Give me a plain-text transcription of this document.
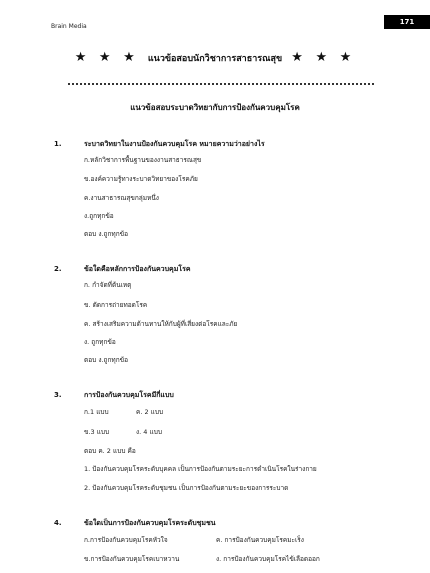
Brain Media
171
★ ★ ★ แนวข้อสอบนักวิชาการสาธารณสุข ★ ★ ★
แนวข้อสอบระบาดวิทยากับการป้องกันควบคุมโรค
1.	ระบาดวิทยาในงานป้องกันควบคุมโรค หมายความว่าอย่างไร
ก.หลักวิชาการพื้นฐานของงานสาธารณสุข
ข.องค์ความรู้ทางระบาดวิทยาของโรคภัย
ค.งานสาธารณสุขกลุ่มหนึ่ง
ง.ถูกทุกข้อ
ตอบ ง.ถูกทุกข้อ
2.	ข้อใดคือหลักการป้องกันควบคุมโรค
ก. กำจัดที่ต้นเหตุ
ข. ตัดการถ่ายทอดโรค
ค. สร้างเสริมความต้านทานให้กับผู้ที่เสี่ยงต่อโรคและภัย
ง. ถูกทุกข้อ
ตอบ ง.ถูกทุกข้อ
3.	การป้องกันควบคุมโรคมีกี่แบบ
ก.1 แบบ	ค. 2 แบบ
ข.3 แบบ	ง. 4 แบบ
ตอบ ค. 2 แบบ คือ
1. ป้องกันควบคุมโรคระดับบุคคล เป็นการป้องกันตามระยะการดำเนินโรคในร่างกาย
2. ป้องกันควบคุมโรคระดับชุมชน เป็นการป้องกันตามระยะของการระบาด
4.	ข้อใดเป็นการป้องกันควบคุมโรคระดับชุมชน
ก.การป้องกันควบคุมโรคหัวใจ	ค. การป้องกันควบคุมโรคมะเร็ง
ข.การป้องกันควบคุมโรคเบาหวาน	ง. การป้องกันควบคุมโรคไข้เลือดออก
